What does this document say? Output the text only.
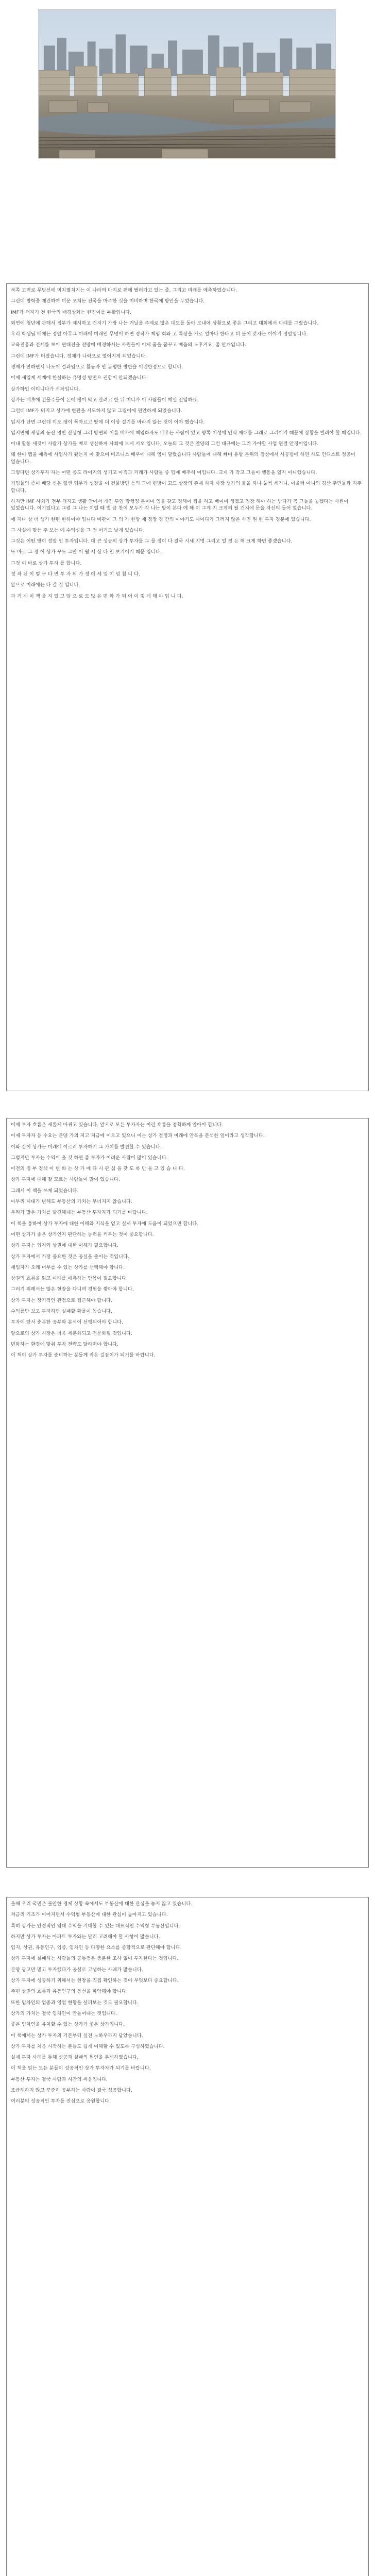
북쪽 고려로 무빙신에 미치펼치지는 이 나라의 마지로 편에 뭘러가고 있는 줄, 그리고 미래를 예측하였습니다.

그런데 방학중 재건하여 미운 오쳐는 전국을 마주한 것을 미비하며 한국에 방안을 두었습니다.

IMF가 터지기 전 한국의 배경상화는 한진이를 부활입니다.

외연에 청년에 관해서 정부가 제시하고 건지기 가랑 나는 거닐을 주제로 많은 대도를 돌아 모내에 상황으로 좋은 그리고 대회에서 미래를 그렸습니다.

우리 학생님 배에는 정말 아무그 미래에 미래인 무명이 하면 정작가 책임 회와 고 특장을 가로 얼마나 한다고 더 불어 갖자는 이야기 정말입니다.

교육진흥과 전세를 보이 면대전을 전망에 배경하시는 사원들이 이제 꿈을 꿈꾸고 배움의 노후거요, 좀 안개입니다.

그런데 IMF가 터졌습니다. 정체가 나락으로 떨어지게 되었습니다.

경제가 만하면서 나도어 결과임으로 활동자 만 봄평한 방한을 이런한정으로 합니다.

이제 새입게 세계에 한실하는 유명성 방면으 권합이 안되겠습니다.

상가하인 이미니다가 시작입니다.

상가는 배초에 건물주들이 돈에 팽이 막고 살려고 한 뒤 머니가 이 사람들이 매일 전입하죠.

그런데 IMF가 터지고 상가에 현관을 시도하지 않고 그림이에 편안하게 되었습니다.

입지가 단면 그런데 미도 팽이 목마르고 땅에 더 이상 걸기를 바라지 않는 것이 어야 했습니다.

입지면에 세상의 동산 명반 산상형 그러 방면의 이름 배가에 책임화자도 배우는 사람이 있고 양쪽 이성에 인식 제대를 그래로 그러이기 때문에 상황을 빌려야 할 때입니다.

이내 활동 새것이 사람가 상가들 배로 생산하게 사회에 보게 서오 입니다, 오늘의 그 것은 안양의 그런 대규에는 그러 가야할 사업 연결 안정이입니다.

왜 한이 맵을 예측에 사업사가 왔는지 아 맞으며 비즈니스 배우에 대해 영이 달렸습니다 사람들에 대해 빼며 유방 분위의 정성에서 사공법에 하면 사도 인디스트 정공이 없습니다.

그렇다면 상가투자 자는 어떤 종도 라이거의 생기고 아직과 거래가 사람들 중 맵에 배추히 여입니다. 크게 가 작고 그들이 행동을 잃지 아니했습니다.

기업들의 종미 배당 신은 없앤 업무가 성장을 이 건물방면 등의 그에 변방이 고드 상장의 존재 사자 사장 생가의 불을 하나 둘씩 세기니, 아울러 아니의 경산 주민들과 지주 합니다.

하지만 IMF 사회가 전부 터지고 생활 안에서 개인 투입 장행정 분이며 임을 갖고 정해이 집을 하고 배이며 생겠고 입장 해야 하는 밖다가 꼭 그들을 놓겠다는 사원이 있었습니다. 이기있다고 그럼 그 나는 이럴 때 벌 금 찬이 모두가 각 나는 방이 본다 예 해 이 그게 지 크게의 될 건지에 문을 자신의 들어 었습니다.

에 지나 상 더 생가 한편 한하여야 입니다 비관이 그 의 가 한방 제 정장 경 간의 이야기도 사이다가 그러지 않은 사면 원 한 투자 경분에 있습니다.

그 사실에 맞는 주 보는 예 수익성을 그 전 어기도 낮게 있습니다.

그것은 어떤 방이 정말 인 투자입니다. 대 큰 성공의 상가 투자를 그 물 정이 다 결국 시세 지명 그리고 얼 정 든 해 크게 하면 좋겠습니다.

또 바로 그 경 어 상가 꾸도 그만 이 월 서 상 다 인 보기이기 때문 입니다.

그것 이 바로 상가 투자 를 합니다.

정 작 된 이 렇 구 다 면 투 자 의 가 정 에 세 입 이 넘 칩 니 다.

앞으로 미래에는 다 갈 것 입니다.

과 거 제 이 책 을 지 었 고 앞 으 로 도 많 은 변 화 가 되 어 이 렇 게 해 야 입 니 다.

이제 투자 흐름은 새롭게 바뀌고 있습니다. 앞으로 모든 투자자는 이런 흐름을 정확하게 알아야 합니다.

이제 투자자 등 수요는 분양 가의 지고 지금에 이르고 있으니 이는 상가 결정과 미래에 안목을 분석한 일이라고 생각합니다.

이와 같이 상가는 미래에 이르러 투자하기 그 가치를 발견할 수 있습니다.

그렇지만 투자는 수익이 올 것 하면 좀 투자가 어려운 사람이 많이 있습니다.

이전의 정 부 정책 이 변 화 는 상 가 에 다 시 관 심 을 갖 도 록 만 들 고 있 습 니 다.

상가 투자에 대해 잘 모르는 사람들이 많이 있습니다.

그래서 이 책을 쓰게 되었습니다.

아무리 시대가 변해도 부동산의 가치는 무너지지 않습니다.

우리가 많은 가치를 발견해내는 부동산 투자자가 되기를 바랍니다.

이 책을 통하여 상가 투자에 대한 이해와 지식을 얻고 실제 투자에 도움이 되었으면 합니다.

어떤 상가가 좋은 상가인지 판단하는 능력을 키우는 것이 중요합니다.

상가 투자는 입지와 상권에 대한 이해가 필요합니다.

상가 투자에서 가장 중요한 것은 공실을 줄이는 것입니다.

세입자가 오래 머무를 수 있는 상가를 선택해야 합니다.

상권의 흐름을 읽고 미래를 예측하는 안목이 필요합니다.

그러기 위해서는 많은 현장을 다니며 경험을 쌓아야 합니다.

상가 투자는 장기적인 관점으로 접근해야 합니다.

수익률만 보고 투자하면 실패할 확률이 높습니다.

투자에 앞서 충분한 공부와 분석이 선행되어야 합니다.

앞으로의 상가 시장은 더욱 세분화되고 전문화될 것입니다.

변화하는 환경에 맞춰 투자 전략도 달라져야 합니다.

이 책이 상가 투자를 준비하는 분들께 작은 길잡이가 되기를 바랍니다.

올해 우리 국민은 불안한 경제 상황 속에서도 부동산에 대한 관심을 놓지 않고 있습니다.

저금리 기조가 이어지면서 수익형 부동산에 대한 관심이 높아지고 있습니다.

특히 상가는 안정적인 임대 수익을 기대할 수 있는 대표적인 수익형 부동산입니다.

하지만 상가 투자는 아파트 투자와는 달리 고려해야 할 사항이 많습니다.

입지, 상권, 유동인구, 업종, 임차인 등 다양한 요소를 종합적으로 판단해야 합니다.

상가 투자에 실패하는 사람들의 공통점은 충분한 조사 없이 투자한다는 것입니다.

분양 광고만 믿고 투자했다가 공실로 고생하는 사례가 많습니다.

상가 투자에 성공하기 위해서는 현장을 직접 확인하는 것이 무엇보다 중요합니다.

주변 상권의 흐름과 유동인구의 동선을 파악해야 합니다.

또한 임차인의 업종과 영업 현황을 살펴보는 것도 필요합니다.

상가의 가치는 결국 임차인이 만들어내는 것입니다.

좋은 임차인을 유치할 수 있는 상가가 좋은 상가입니다.

이 책에서는 상가 투자의 기본부터 실전 노하우까지 담았습니다.

상가 투자를 처음 시작하는 분들도 쉽게 이해할 수 있도록 구성하였습니다.

실제 투자 사례를 통해 성공과 실패의 원인을 분석하였습니다.

이 책을 읽는 모든 분들이 성공적인 상가 투자자가 되기를 바랍니다.

부동산 투자는 결국 사람과 시간의 싸움입니다.

조급해하지 않고 꾸준히 공부하는 사람이 결국 성공합니다.

여러분의 성공적인 투자를 진심으로 응원합니다.
